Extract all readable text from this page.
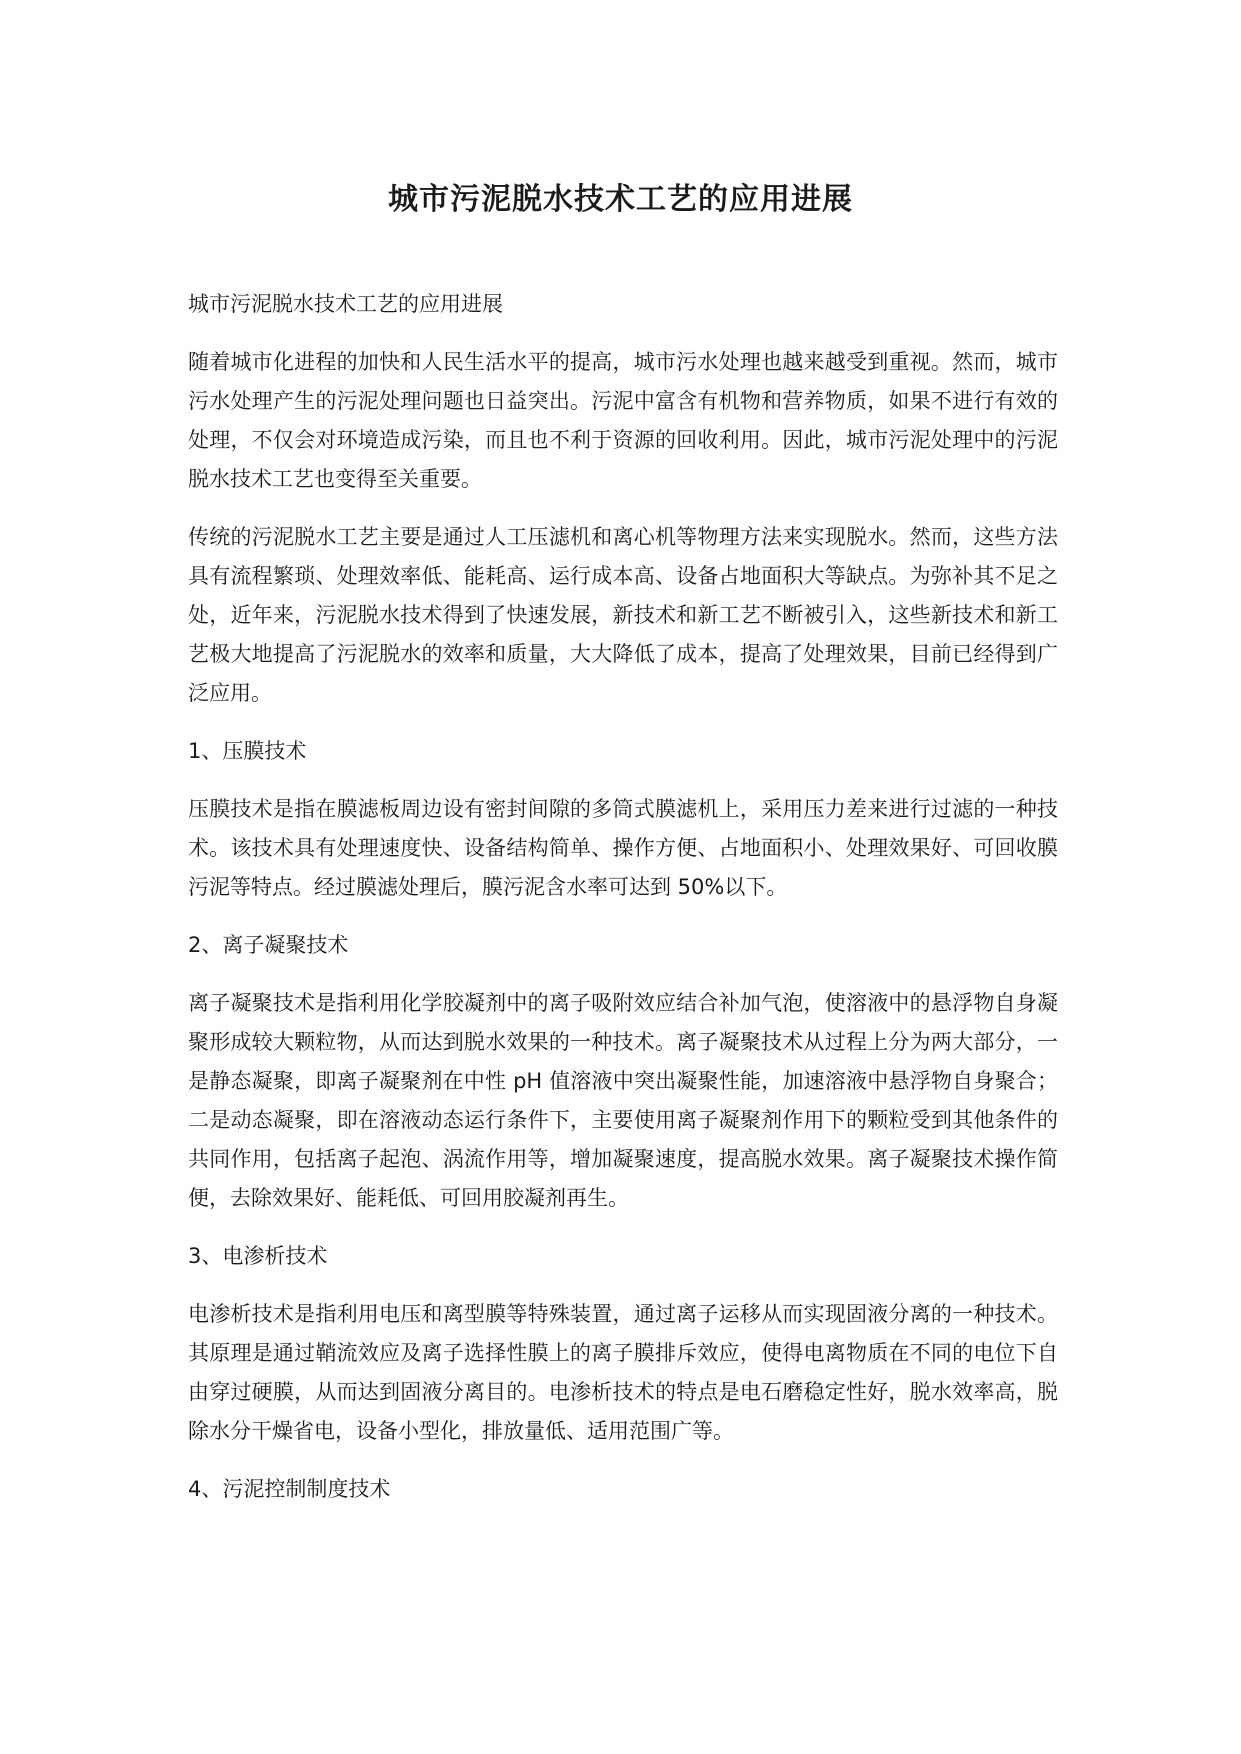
城市污泥脱水技术工艺的应用进展

城市污泥脱水技术工艺的应用进展

随着城市化进程的加快和人民生活水平的提高，城市污水处理也越来越受到重视。然而，城市污水处理产生的污泥处理问题也日益突出。污泥中富含有机物和营养物质，如果不进行有效的处理，不仅会对环境造成污染，而且也不利于资源的回收利用。因此，城市污泥处理中的污泥脱水技术工艺也变得至关重要。

传统的污泥脱水工艺主要是通过人工压滤机和离心机等物理方法来实现脱水。然而，这些方法具有流程繁琐、处理效率低、能耗高、运行成本高、设备占地面积大等缺点。为弥补其不足之处，近年来，污泥脱水技术得到了快速发展，新技术和新工艺不断被引入，这些新技术和新工艺极大地提高了污泥脱水的效率和质量，大大降低了成本，提高了处理效果，目前已经得到广泛应用。

1、压膜技术

压膜技术是指在膜滤板周边设有密封间隙的多筒式膜滤机上，采用压力差来进行过滤的一种技术。该技术具有处理速度快、设备结构简单、操作方便、占地面积小、处理效果好、可回收膜污泥等特点。经过膜滤处理后，膜污泥含水率可达到 50%以下。

2、离子凝聚技术

离子凝聚技术是指利用化学胶凝剂中的离子吸附效应结合补加气泡，使溶液中的悬浮物自身凝聚形成较大颗粒物，从而达到脱水效果的一种技术。离子凝聚技术从过程上分为两大部分，一是静态凝聚，即离子凝聚剂在中性 pH 值溶液中突出凝聚性能，加速溶液中悬浮物自身聚合；二是动态凝聚，即在溶液动态运行条件下，主要使用离子凝聚剂作用下的颗粒受到其他条件的共同作用，包括离子起泡、涡流作用等，增加凝聚速度，提高脱水效果。离子凝聚技术操作简便，去除效果好、能耗低、可回用胶凝剂再生。

3、电渗析技术

电渗析技术是指利用电压和离型膜等特殊装置，通过离子运移从而实现固液分离的一种技术。其原理是通过鞘流效应及离子选择性膜上的离子膜排斥效应，使得电离物质在不同的电位下自由穿过硬膜，从而达到固液分离目的。电渗析技术的特点是电石磨稳定性好，脱水效率高，脱除水分干燥省电，设备小型化，排放量低、适用范围广等。

4、污泥控制制度技术
